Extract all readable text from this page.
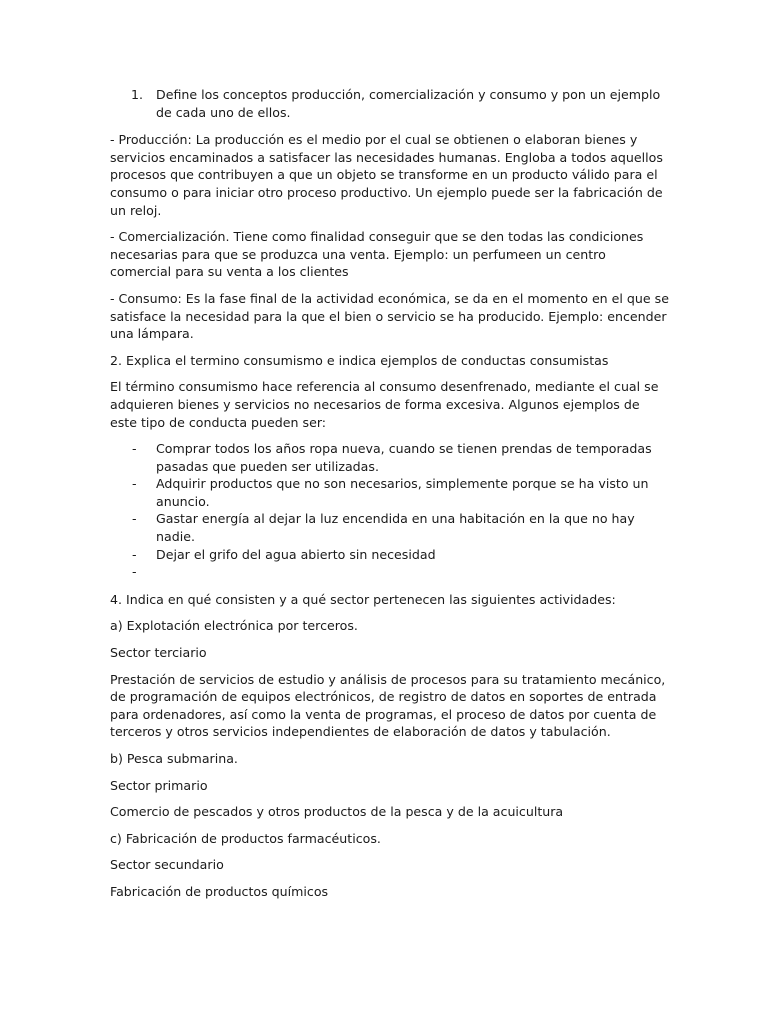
1. Define los conceptos producción, comercialización y consumo y pon un ejemplo de cada uno de ellos.

- Producción: La producción es el medio por el cual se obtienen o elaboran bienes y servicios encaminados a satisfacer las necesidades humanas. Engloba a todos aquellos procesos que contribuyen a que un objeto se transforme en un producto válido para el consumo o para iniciar otro proceso productivo. Un ejemplo puede ser la fabricación de un reloj.

- Comercialización. Tiene como finalidad conseguir que se den todas las condiciones necesarias para que se produzca una venta. Ejemplo: un perfumeen un centro comercial para su venta a los clientes

- Consumo: Es la fase final de la actividad económica, se da en el momento en el que se satisface la necesidad para la que el bien o servicio se ha producido. Ejemplo: encender una lámpara.

2. Explica el termino consumismo e indica ejemplos de conductas consumistas

El término consumismo hace referencia al consumo desenfrenado, mediante el cual se adquieren bienes y servicios no necesarios de forma excesiva. Algunos ejemplos de este tipo de conducta pueden ser:

- Comprar todos los años ropa nueva, cuando se tienen prendas de temporadas pasadas que pueden ser utilizadas.
- Adquirir productos que no son necesarios, simplemente porque se ha visto un anuncio.
- Gastar energía al dejar la luz encendida en una habitación en la que no hay nadie.
- Dejar el grifo del agua abierto sin necesidad
-

4. Indica en qué consisten y a qué sector pertenecen las siguientes actividades:

a) Explotación electrónica por terceros.

Sector terciario

Prestación de servicios de estudio y análisis de procesos para su tratamiento mecánico, de programación de equipos electrónicos, de registro de datos en soportes de entrada para ordenadores, así como la venta de programas, el proceso de datos por cuenta de terceros y otros servicios independientes de elaboración de datos y tabulación.

b) Pesca submarina.

Sector primario

Comercio de pescados y otros productos de la pesca y de la acuicultura

c) Fabricación de productos farmacéuticos.

Sector secundario

Fabricación de productos químicos
